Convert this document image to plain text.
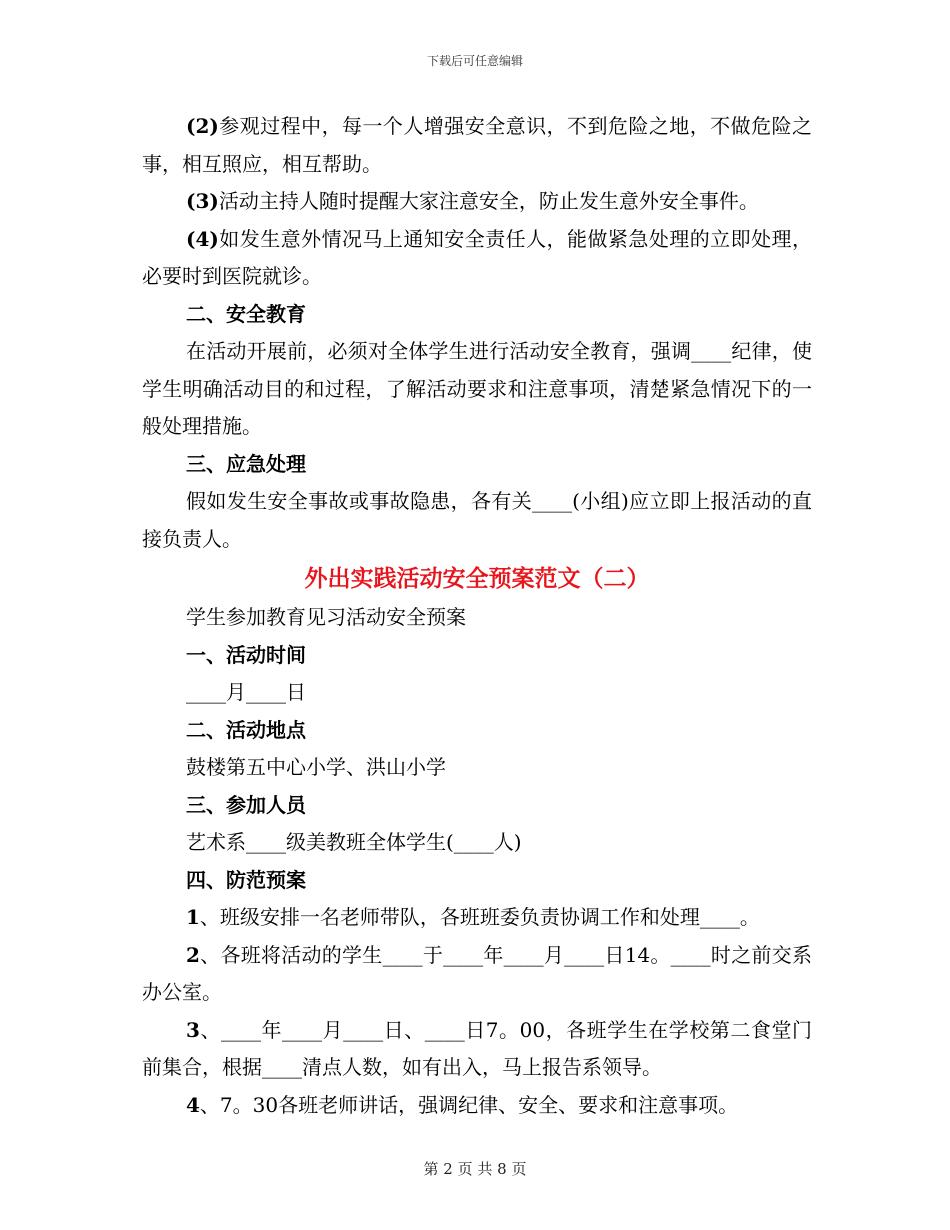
下载后可任意编辑

(2)参观过程中，每一个人增强安全意识，不到危险之地，不做危险之事，相互照应，相互帮助。

(3)活动主持人随时提醒大家注意安全，防止发生意外安全事件。

(4)如发生意外情况马上通知安全责任人，能做紧急处理的立即处理，必要时到医院就诊。

二、安全教育

在活动开展前，必须对全体学生进行活动安全教育，强调____纪律，使学生明确活动目的和过程，了解活动要求和注意事项，清楚紧急情况下的一般处理措施。

三、应急处理

假如发生安全事故或事故隐患，各有关____(小组)应立即上报活动的直接负责人。

外出实践活动安全预案范文（二）

学生参加教育见习活动安全预案

一、活动时间

____月____日

二、活动地点

鼓楼第五中心小学、洪山小学

三、参加人员

艺术系____级美教班全体学生(____人)

四、防范预案

1、班级安排一名老师带队，各班班委负责协调工作和处理____。

2、各班将活动的学生____于____年____月____日14。____时之前交系办公室。

3、____年____月____日、____日7。00，各班学生在学校第二食堂门前集合，根据____清点人数，如有出入，马上报告系领导。

4、7。30各班老师讲话，强调纪律、安全、要求和注意事项。

第 2 页 共 8 页
